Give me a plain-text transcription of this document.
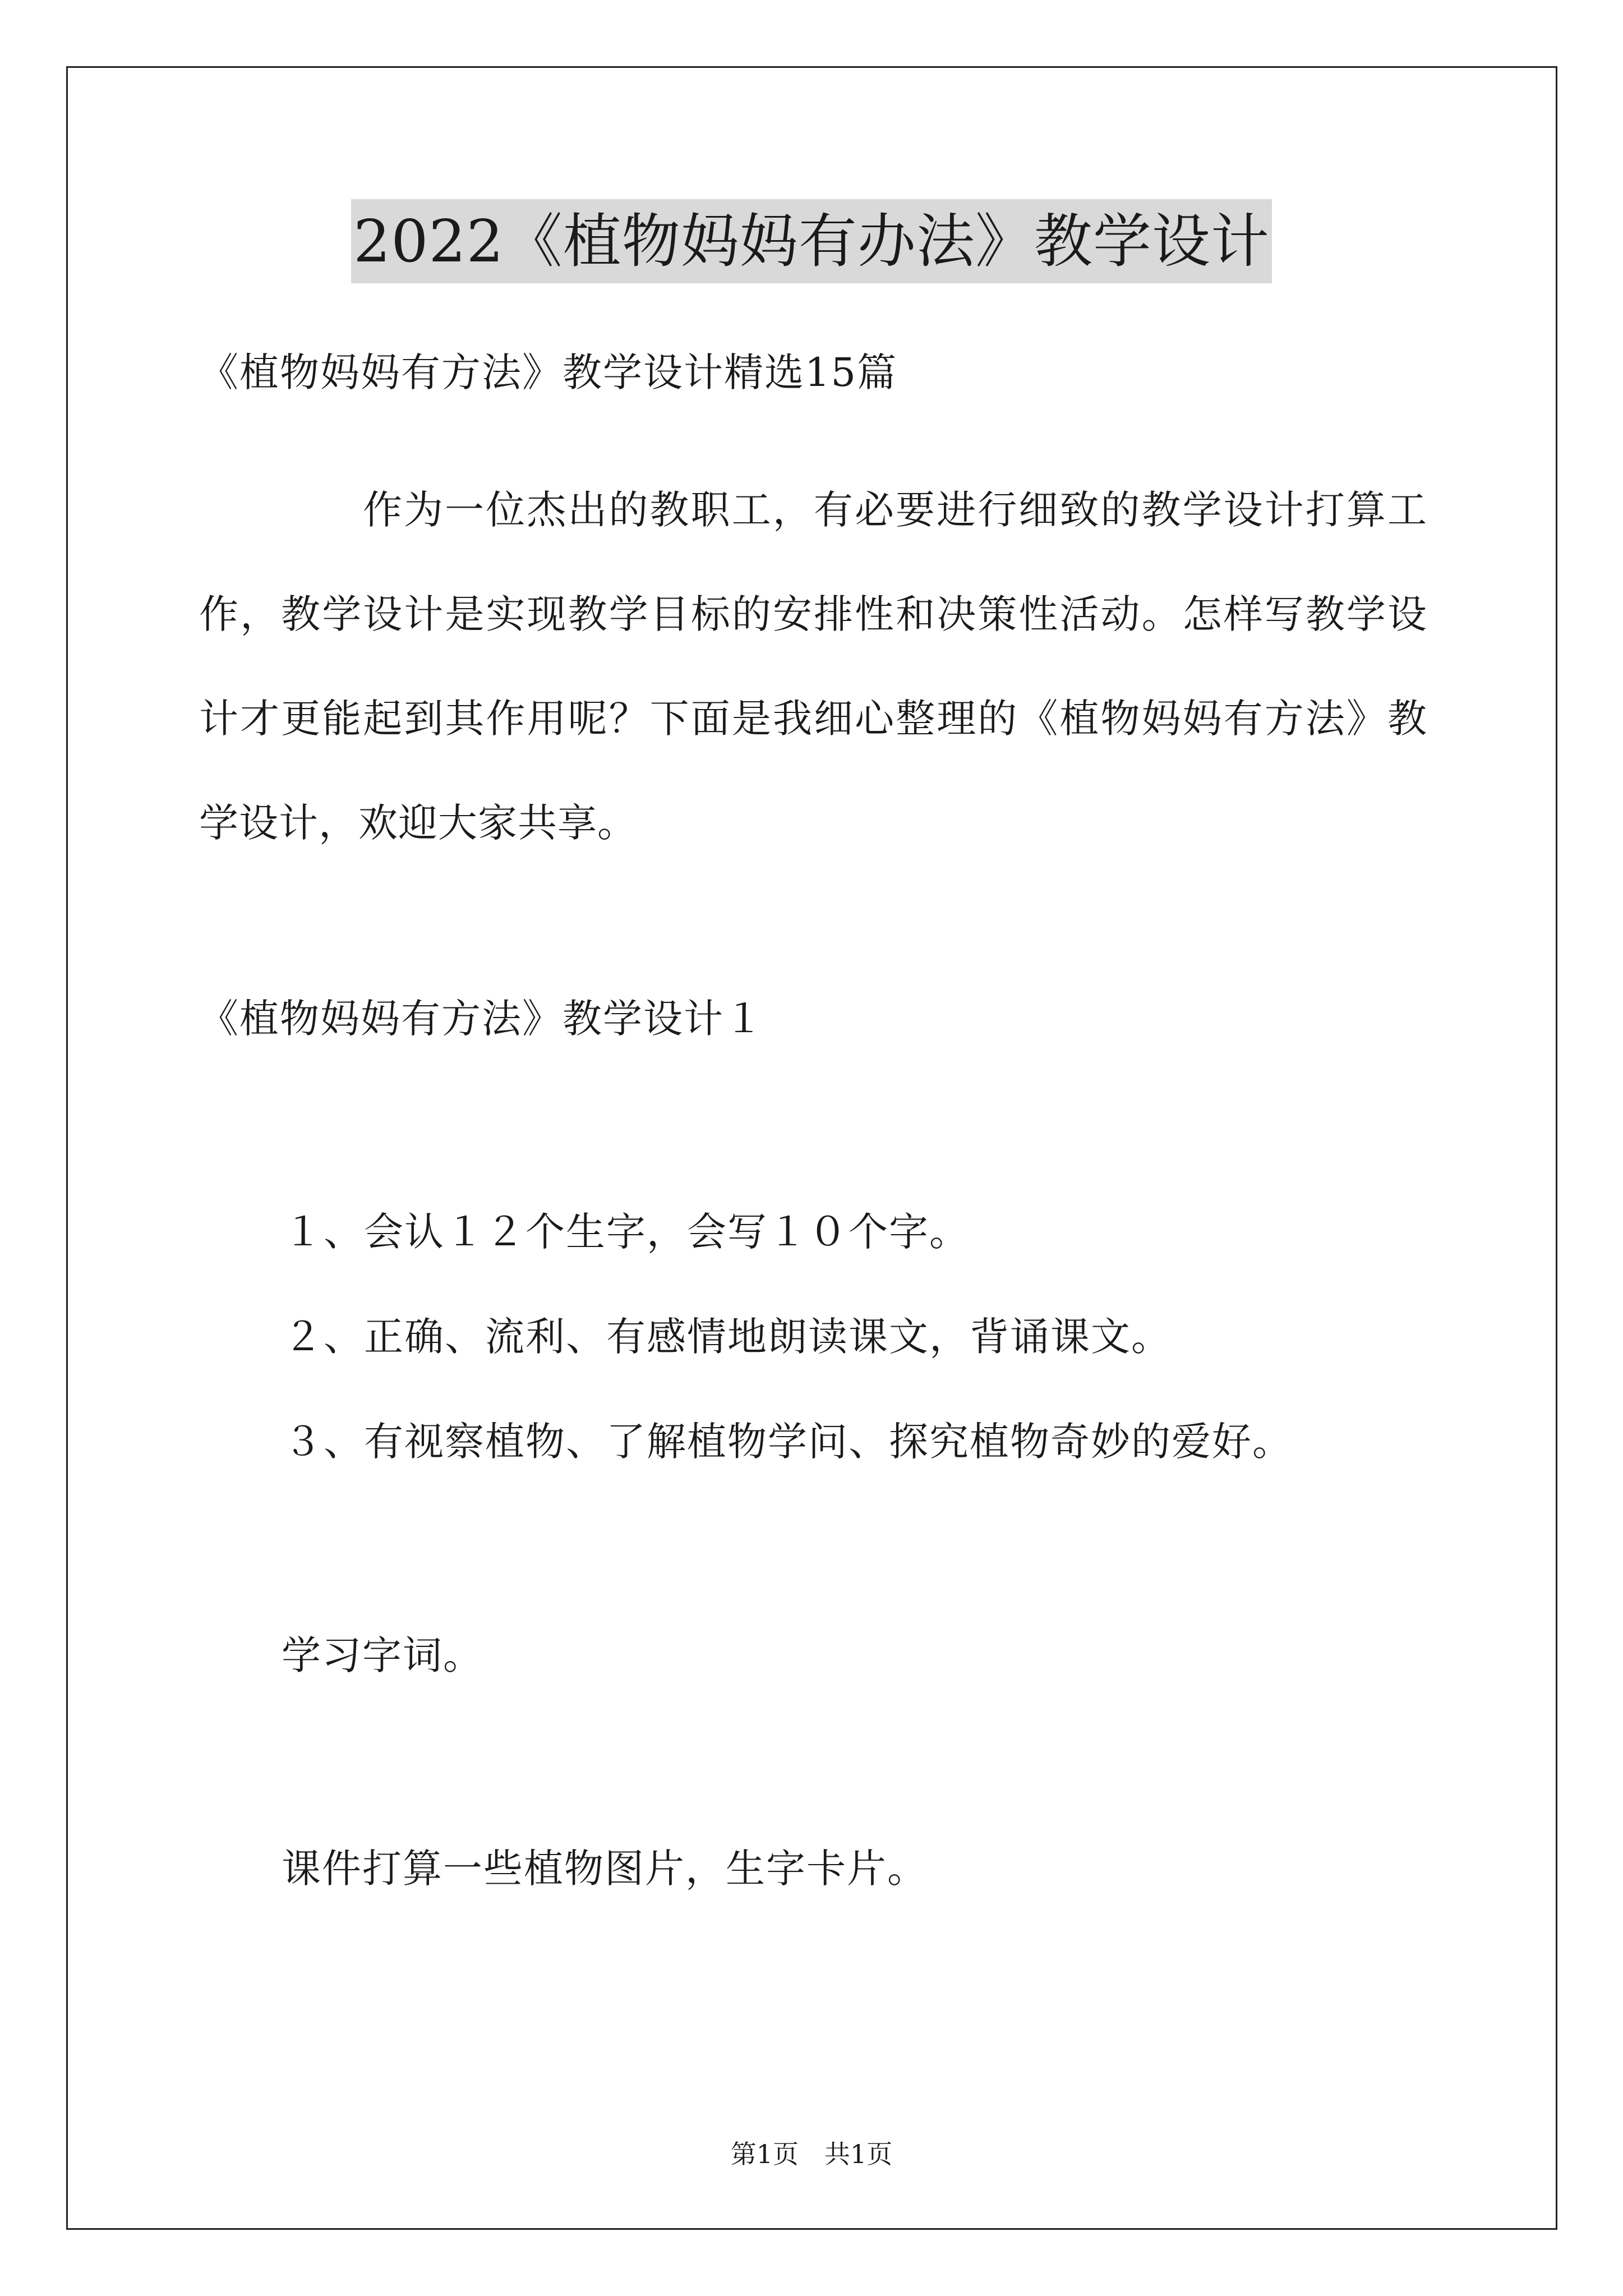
2022《植物妈妈有办法》教学设计
《植物妈妈有方法》教学设计精选15篇
作为一位杰出的教职工，有必要进行细致的教学设计打算工作，教学设计是实现教学目标的安排性和决策性活动。怎样写教学设计才更能起到其作用呢？下面是我细心整理的《植物妈妈有方法》教学设计，欢迎大家共享。
《植物妈妈有方法》教学设计１
１、会认１２个生字，会写１０个字。
２、正确、流利、有感情地朗读课文，背诵课文。
３、有视察植物、了解植物学问、探究植物奇妙的爱好。
学习字词。
课件打算一些植物图片，生字卡片。
第1页　共1页
